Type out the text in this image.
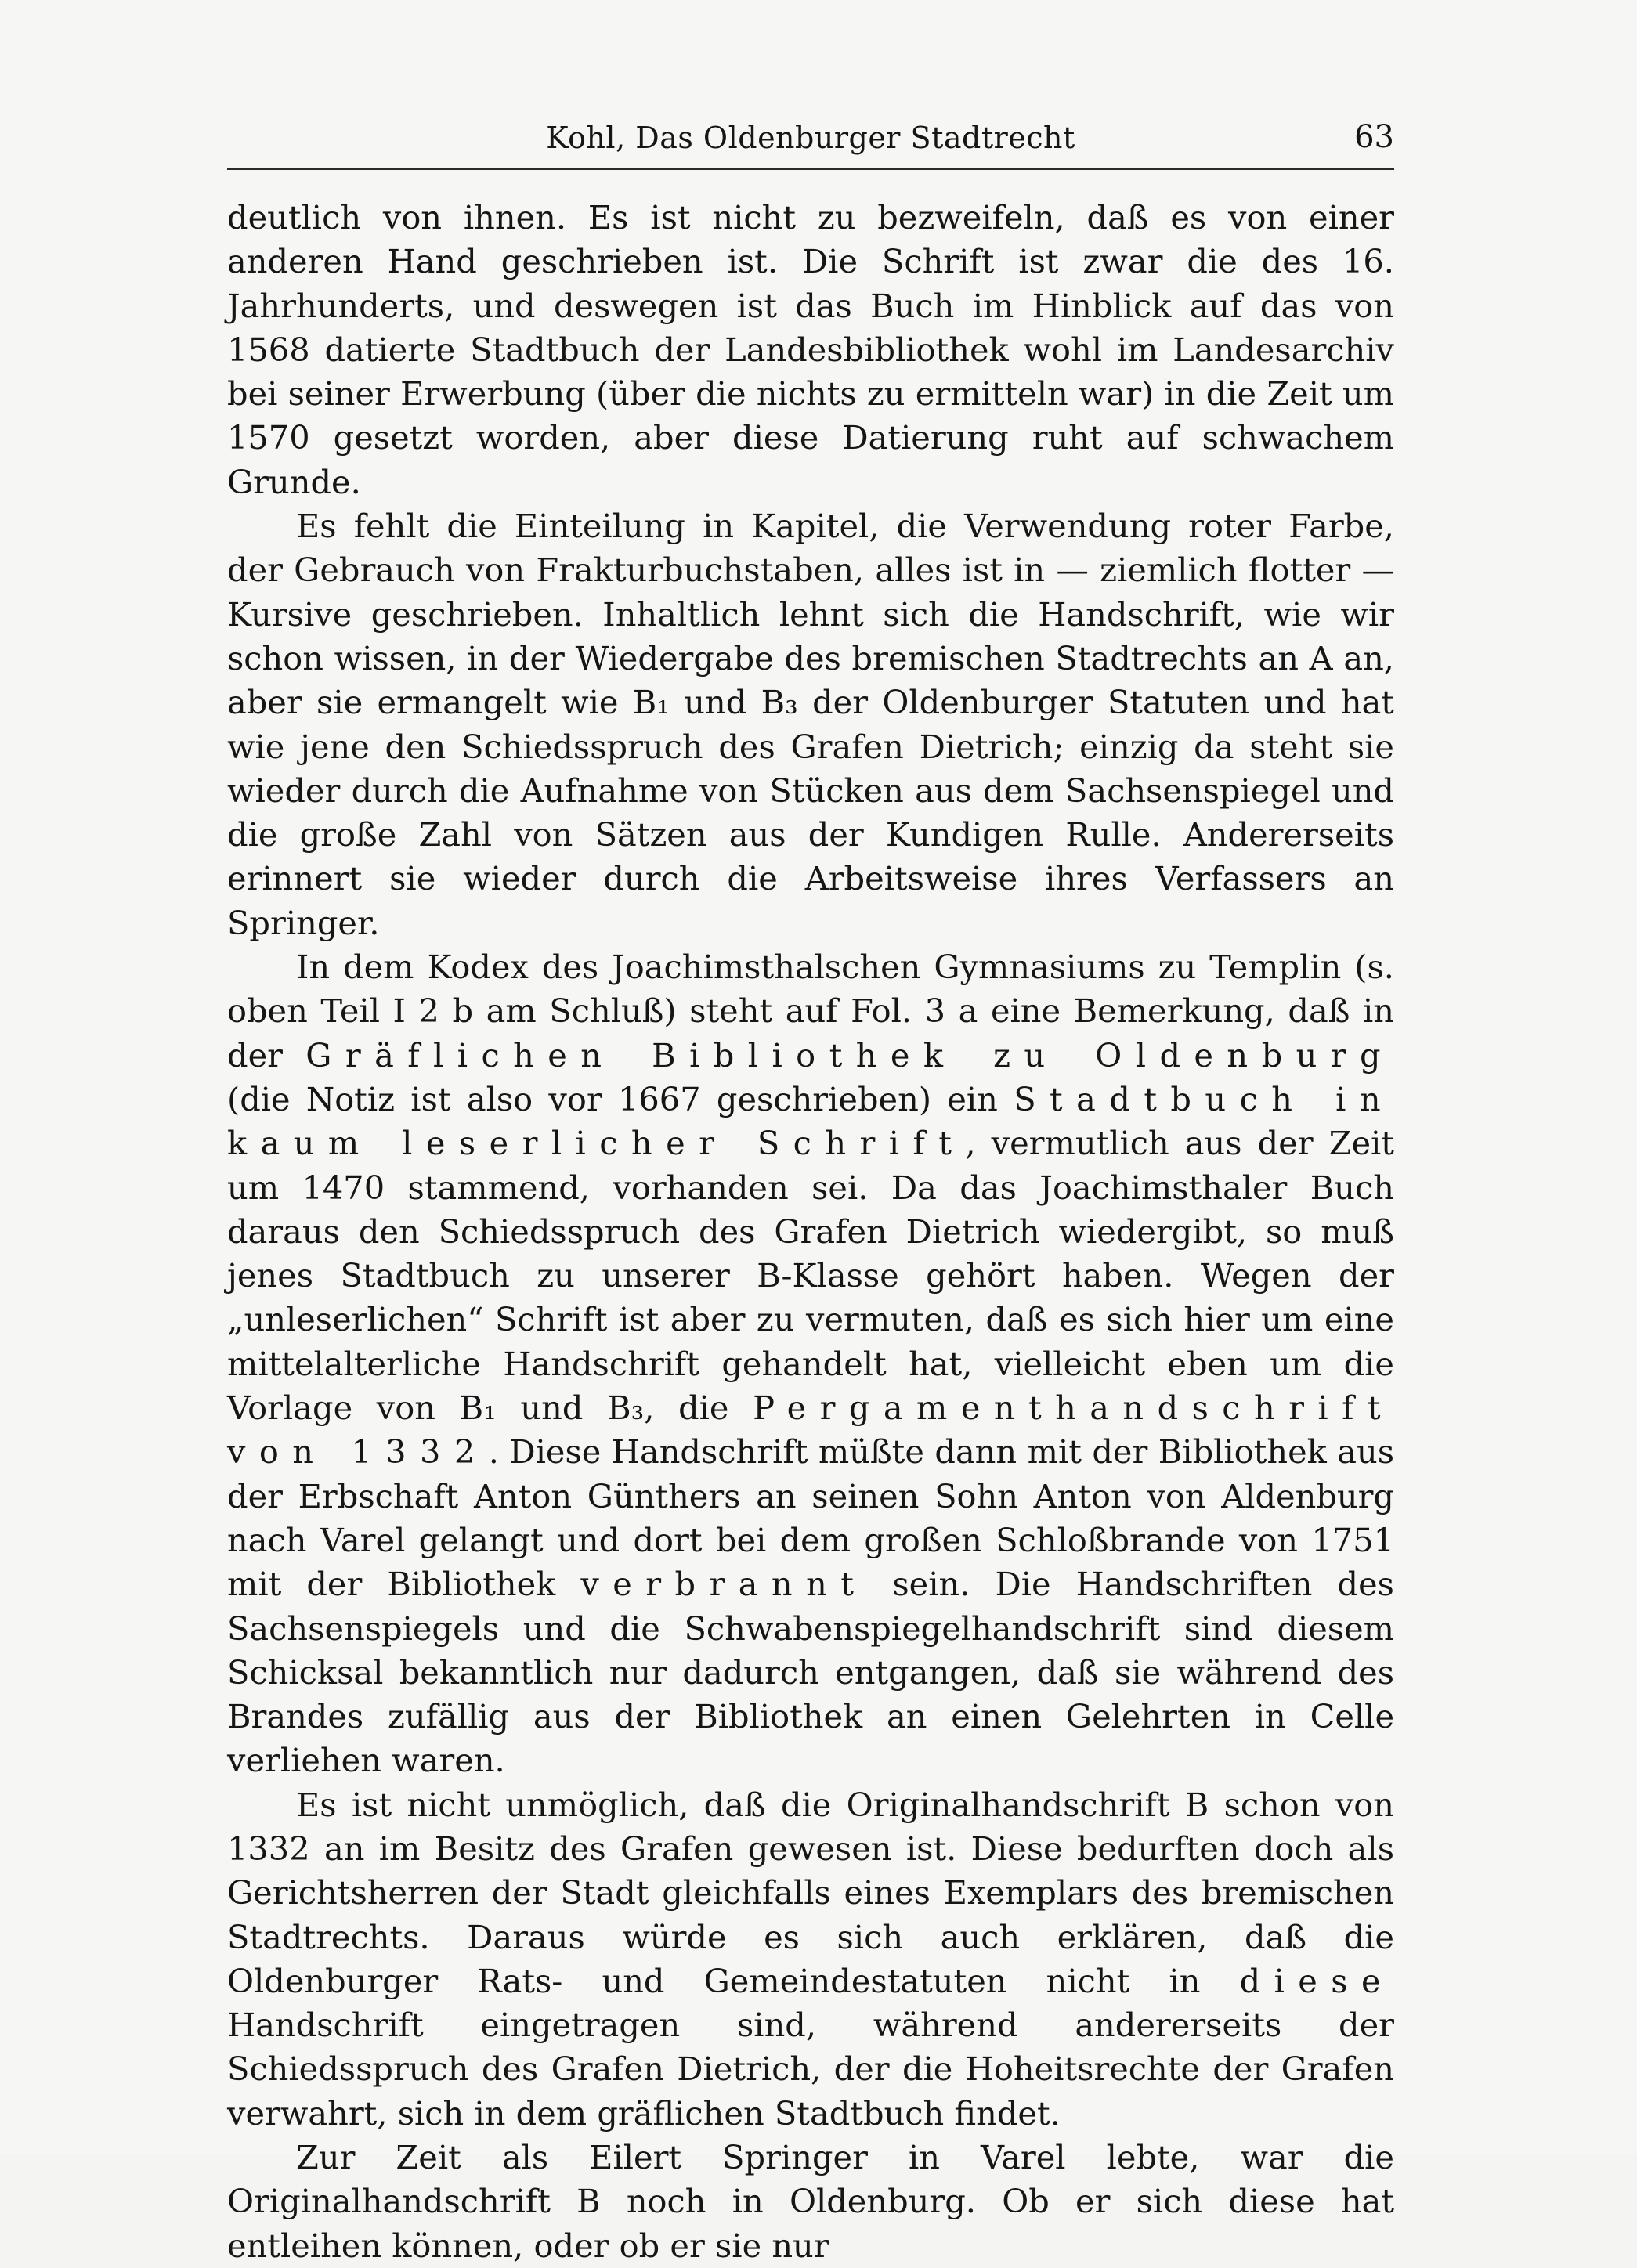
Kohl, Das Oldenburger Stadtrecht	63

deutlich von ihnen. Es ist nicht zu bezweifeln, daß es von einer anderen Hand geschrieben ist. Die Schrift ist zwar die des 16. Jahrhunderts, und deswegen ist das Buch im Hinblick auf das von 1568 datierte Stadtbuch der Landesbibliothek wohl im Landesarchiv bei seiner Erwerbung (über die nichts zu ermitteln war) in die Zeit um 1570 gesetzt worden, aber diese Datierung ruht auf schwachem Grunde.

Es fehlt die Einteilung in Kapitel, die Verwendung roter Farbe, der Gebrauch von Frakturbuchstaben, alles ist in — ziemlich flotter — Kursive geschrieben. Inhaltlich lehnt sich die Handschrift, wie wir schon wissen, in der Wiedergabe des bremischen Stadtrechts an A an, aber sie ermangelt wie B₁ und B₃ der Oldenburger Statuten und hat wie jene den Schiedsspruch des Grafen Dietrich; einzig da steht sie wieder durch die Aufnahme von Stücken aus dem Sachsenspiegel und die große Zahl von Sätzen aus der Kundigen Rulle. Andererseits erinnert sie wieder durch die Arbeitsweise ihres Verfassers an Springer.

In dem Kodex des Joachimsthalschen Gymnasiums zu Templin (s. oben Teil I 2 b am Schluß) steht auf Fol. 3 a eine Bemerkung, daß in der Gräflichen Bibliothek zu Oldenburg (die Notiz ist also vor 1667 geschrieben) ein Stadtbuch in kaum leserlicher Schrift, vermutlich aus der Zeit um 1470 stammend, vorhanden sei. Da das Joachimsthaler Buch daraus den Schiedsspruch des Grafen Dietrich wiedergibt, so muß jenes Stadtbuch zu unserer B-Klasse gehört haben. Wegen der „unleserlichen“ Schrift ist aber zu vermuten, daß es sich hier um eine mittelalterliche Handschrift gehandelt hat, vielleicht eben um die Vorlage von B₁ und B₃, die Pergamenthandschrift von 1332. Diese Handschrift müßte dann mit der Bibliothek aus der Erbschaft Anton Günthers an seinen Sohn Anton von Aldenburg nach Varel gelangt und dort bei dem großen Schloßbrande von 1751 mit der Bibliothek verbrannt sein. Die Handschriften des Sachsenspiegels und die Schwabenspiegelhandschrift sind diesem Schicksal bekanntlich nur dadurch entgangen, daß sie während des Brandes zufällig aus der Bibliothek an einen Gelehrten in Celle verliehen waren.

Es ist nicht unmöglich, daß die Originalhandschrift B schon von 1332 an im Besitz des Grafen gewesen ist. Diese bedurften doch als Gerichtsherren der Stadt gleichfalls eines Exemplars des bremischen Stadtrechts. Daraus würde es sich auch erklären, daß die Oldenburger Rats- und Gemeindestatuten nicht in diese Handschrift eingetragen sind, während andererseits der Schiedsspruch des Grafen Dietrich, der die Hoheitsrechte der Grafen verwahrt, sich in dem gräflichen Stadtbuch findet.

Zur Zeit als Eilert Springer in Varel lebte, war die Originalhandschrift B noch in Oldenburg. Ob er sich diese hat entleihen können, oder ob er sie nur
